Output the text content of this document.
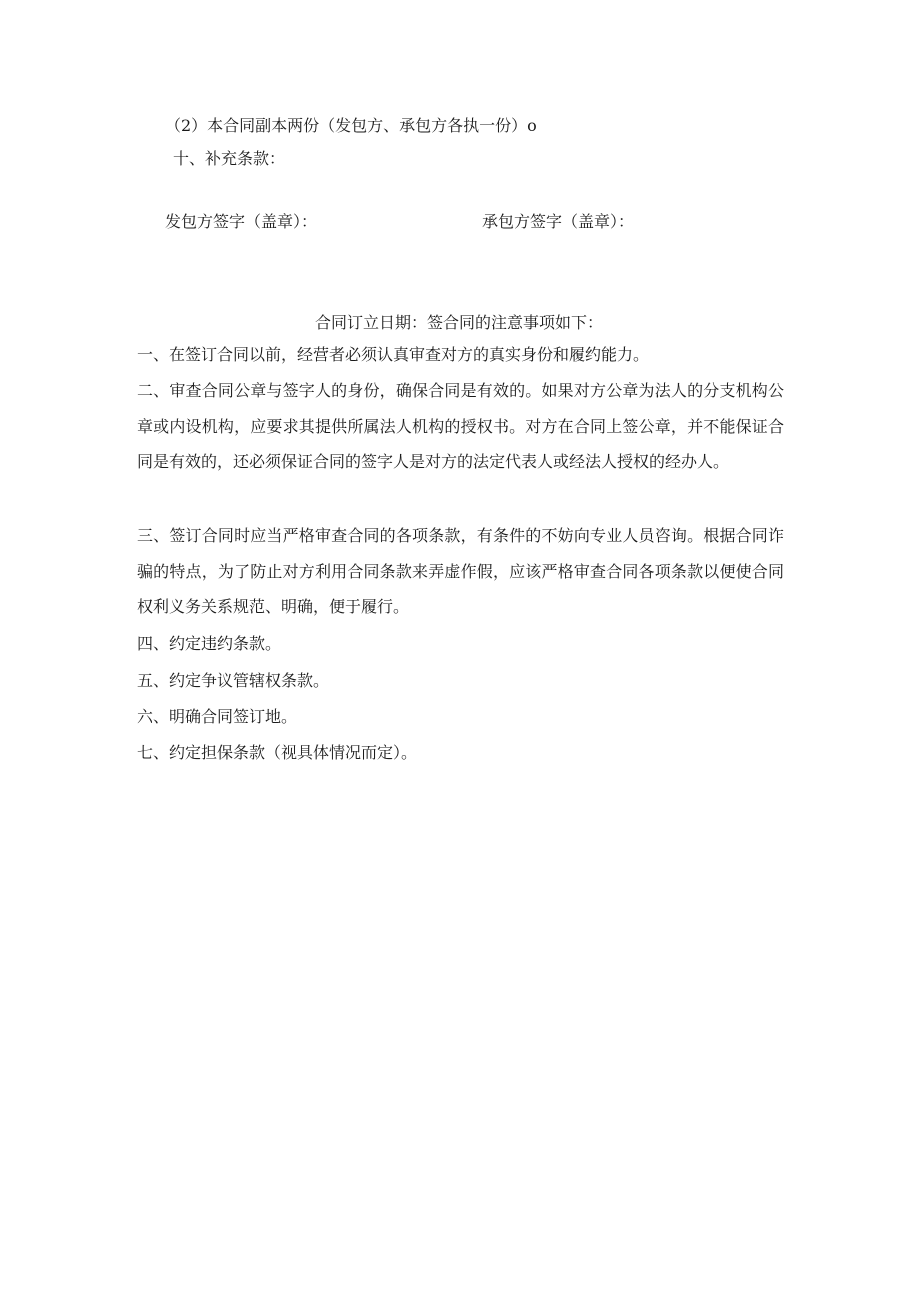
（2）本合同副本两份（发包方、承包方各执一份）o
十、补充条款：
发包方签字（盖章）：	承包方签字（盖章）：
合同订立日期：签合同的注意事项如下：
一、在签订合同以前，经营者必须认真审查对方的真实身份和履约能力。
二、审查合同公章与签字人的身份，确保合同是有效的。如果对方公章为法人的分支机构公章或内设机构，应要求其提供所属法人机构的授权书。对方在合同上签公章，并不能保证合同是有效的，还必须保证合同的签字人是对方的法定代表人或经法人授权的经办人。
三、签订合同时应当严格审查合同的各项条款，有条件的不妨向专业人员咨询。根据合同诈骗的特点，为了防止对方利用合同条款来弄虚作假，应该严格审查合同各项条款以便使合同权利义务关系规范、明确，便于履行。
四、约定违约条款。
五、约定争议管辖权条款。
六、明确合同签订地。
七、约定担保条款（视具体情况而定）。
